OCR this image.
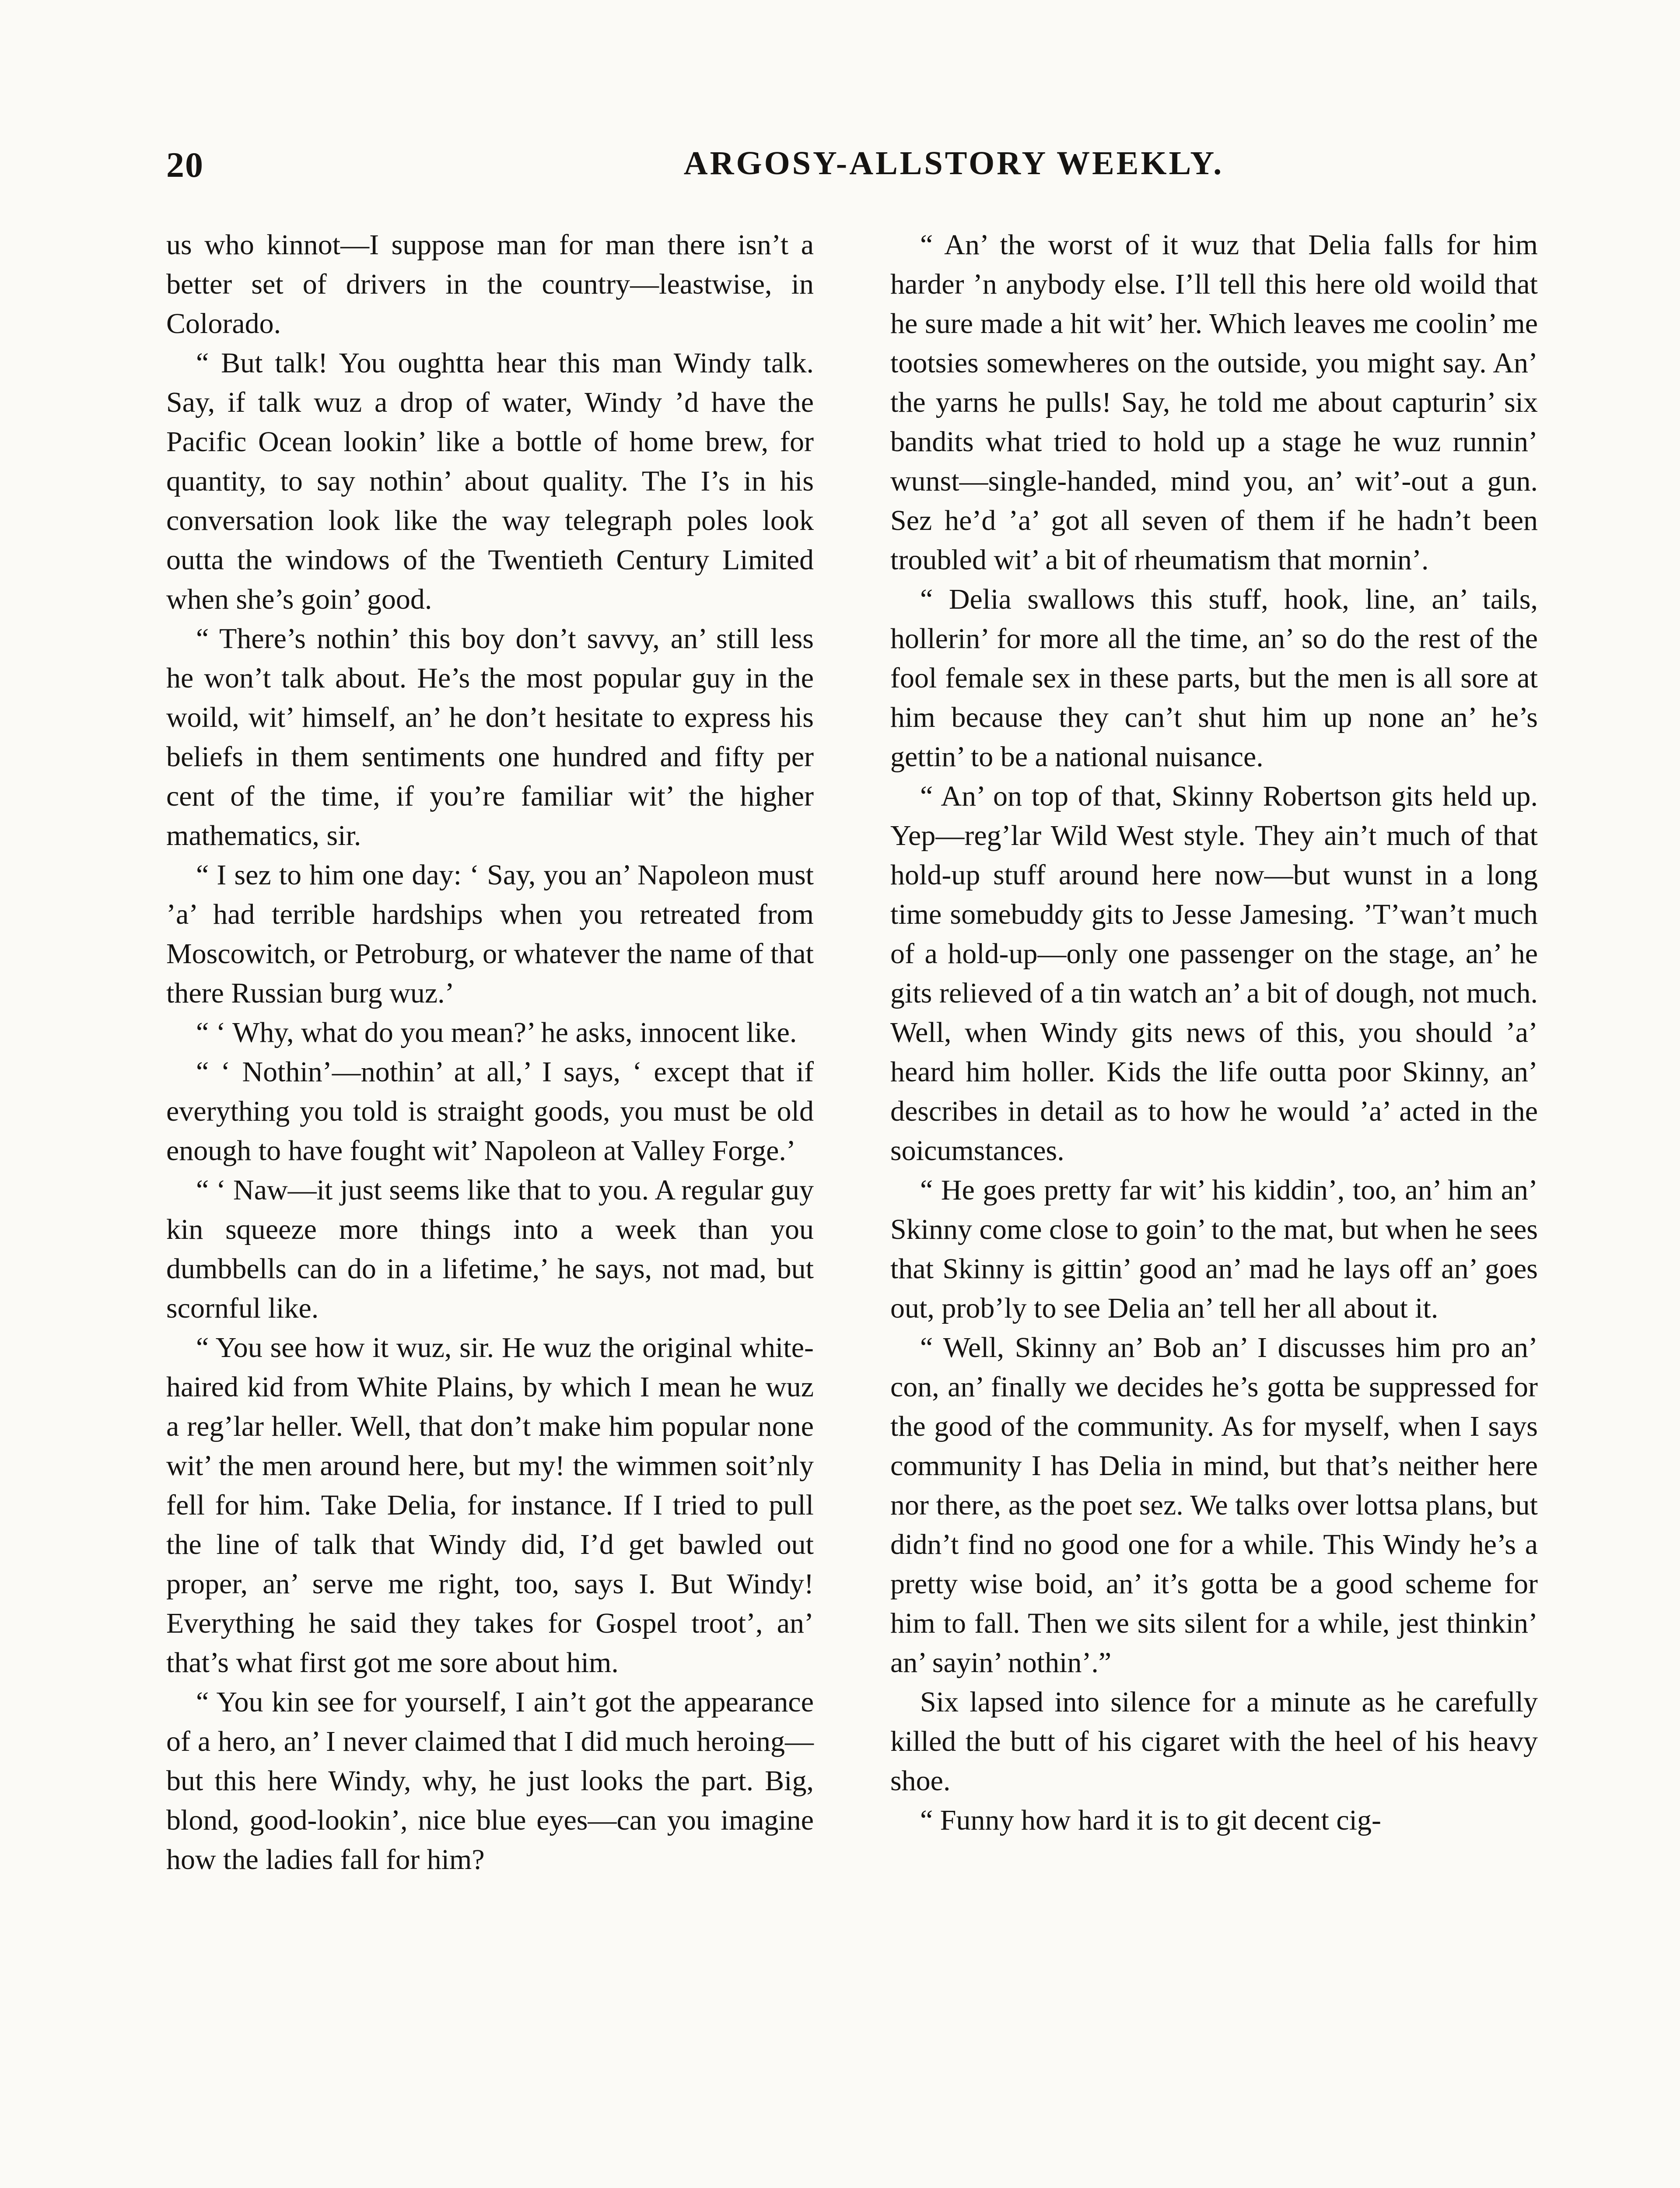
20	ARGOSY-ALLSTORY WEEKLY.

us who kinnot—I suppose man for man there isn’t a better set of drivers in the country—leastwise, in Colorado.

“ But talk! You oughtta hear this man Windy talk. Say, if talk wuz a drop of water, Windy ’d have the Pacific Ocean lookin’ like a bottle of home brew, for quantity, to say nothin’ about quality. The I’s in his conversation look like the way telegraph poles look outta the windows of the Twentieth Century Limited when she’s goin’ good.

“ There’s nothin’ this boy don’t savvy, an’ still less he won’t talk about. He’s the most popular guy in the woild, wit’ himself, an’ he don’t hesitate to express his beliefs in them sentiments one hundred and fifty per cent of the time, if you’re familiar wit’ the higher mathematics, sir.

“ I sez to him one day: ‘ Say, you an’ Napoleon must ’a’ had terrible hardships when you retreated from Moscowitch, or Petroburg, or whatever the name of that there Russian burg wuz.’

“ ‘ Why, what do you mean?’ he asks, innocent like.

“ ‘ Nothin’—nothin’ at all,’ I says, ‘ except that if everything you told is straight goods, you must be old enough to have fought wit’ Napoleon at Valley Forge.’

“ ‘ Naw—it just seems like that to you. A regular guy kin squeeze more things into a week than you dumbbells can do in a lifetime,’ he says, not mad, but scornful like.

“ You see how it wuz, sir. He wuz the original white-haired kid from White Plains, by which I mean he wuz a reg’lar heller. Well, that don’t make him popular none wit’ the men around here, but my! the wimmen soit’nly fell for him. Take Delia, for instance. If I tried to pull the line of talk that Windy did, I’d get bawled out proper, an’ serve me right, too, says I. But Windy! Everything he said they takes for Gospel troot’, an’ that’s what first got me sore about him.

“ You kin see for yourself, I ain’t got the appearance of a hero, an’ I never claimed that I did much heroing—but this here Windy, why, he just looks the part. Big, blond, good-lookin’, nice blue eyes—can you imagine how the ladies fall for him?

“ An’ the worst of it wuz that Delia falls for him harder ’n anybody else. I’ll tell this here old woild that he sure made a hit wit’ her. Which leaves me coolin’ me tootsies somewheres on the outside, you might say. An’ the yarns he pulls! Say, he told me about capturin’ six bandits what tried to hold up a stage he wuz runnin’ wunst—single-handed, mind you, an’ wit’-out a gun. Sez he’d ’a’ got all seven of them if he hadn’t been troubled wit’ a bit of rheumatism that mornin’.

“ Delia swallows this stuff, hook, line, an’ tails, hollerin’ for more all the time, an’ so do the rest of the fool female sex in these parts, but the men is all sore at him because they can’t shut him up none an’ he’s gettin’ to be a national nuisance.

“ An’ on top of that, Skinny Robertson gits held up. Yep—reg’lar Wild West style. They ain’t much of that hold-up stuff around here now—but wunst in a long time somebuddy gits to Jesse Jamesing. ’T’wan’t much of a hold-up—only one passenger on the stage, an’ he gits relieved of a tin watch an’ a bit of dough, not much. Well, when Windy gits news of this, you should ’a’ heard him holler. Kids the life outta poor Skinny, an’ describes in detail as to how he would ’a’ acted in the soicumstances.

“ He goes pretty far wit’ his kiddin’, too, an’ him an’ Skinny come close to goin’ to the mat, but when he sees that Skinny is gittin’ good an’ mad he lays off an’ goes out, prob’ly to see Delia an’ tell her all about it.

“ Well, Skinny an’ Bob an’ I discusses him pro an’ con, an’ finally we decides he’s gotta be suppressed for the good of the community. As for myself, when I says community I has Delia in mind, but that’s neither here nor there, as the poet sez. We talks over lottsa plans, but didn’t find no good one for a while. This Windy he’s a pretty wise boid, an’ it’s gotta be a good scheme for him to fall. Then we sits silent for a while, jest thinkin’ an’ sayin’ nothin’.”

Six lapsed into silence for a minute as he carefully killed the butt of his cigaret with the heel of his heavy shoe.

“ Funny how hard it is to git decent cig-
